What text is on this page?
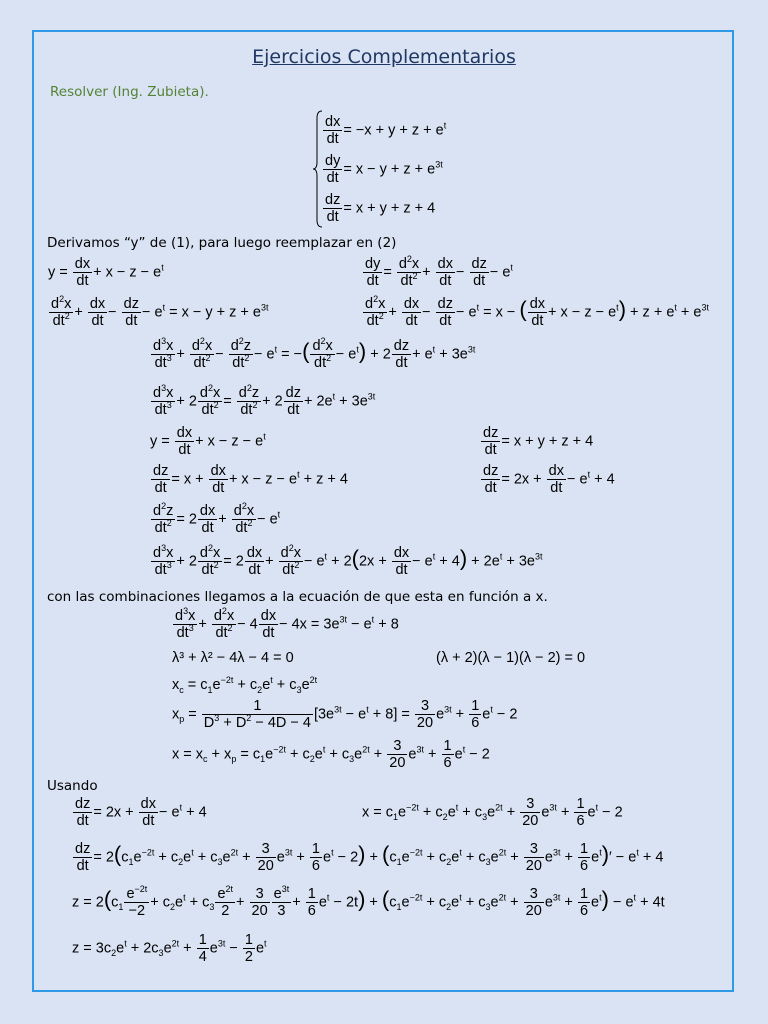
Ejercicios Complementarios
Resolver (Ing. Zubieta).
$\frac{dx}{dt} = -x + y + z + e^t$
$\frac{dy}{dt} = x - y + z + e^{3t}$
$\frac{dz}{dt} = x + y + z + 4$
Derivamos “y” de (1), para luego reemplazar en (2)
$y = \frac{dx}{dt} + x - z - e^t$	$\frac{dy}{dt} = \frac{d^2x}{dt^2} + \frac{dx}{dt} - \frac{dz}{dt} - e^t$
$\frac{d^2x}{dt^2} + \frac{dx}{dt} - \frac{dz}{dt} - e^t = x - y + z + e^{3t}$	$\frac{d^2x}{dt^2} + \frac{dx}{dt} - \frac{dz}{dt} - e^t = x$ − ( $\frac{dx}{dt} + x - z - e^t) + z + e^t + e^{3t}$
$\frac{d^3x}{dt^3} + \frac{d^2x}{dt^2} - \frac{d^2z}{dt^2} - e^t$ = −( $\frac{d^2x}{dt^2} - e^t) + 2 \frac{dz}{dt} + e^t + 3e^{3t}$
$\frac{d^3x}{dt^3} + 2 \frac{d^2x}{dt^2} = \frac{d^2z}{dt^2} + 2 \frac{dz}{dt} + 2e^t + 3e^{3t}$
$y = \frac{dx}{dt} + x - z - e^t$	$\frac{dz}{dt} = x + y + z + 4$
$\frac{dz}{dt} = x + \frac{dx}{dt} + x - z - e^t + z + 4$	$\frac{dz}{dt} = 2x + \frac{dx}{dt} - e^t + 4$
$\frac{d^2z}{dt^2} = 2 \frac{dx}{dt} + \frac{d^2x}{dt^2} - e^t$
$\frac{d^3x}{dt^3} + 2 \frac{d^2x}{dt^2} = 2 \frac{dx}{dt} + \frac{d^2x}{dt^2} - e^t + 2(2x + \frac{dx}{dt} - e^t + 4) + 2e^t + 3e^{3t}$
con las combinaciones llegamos a la ecuación de que esta en función a x.
$\frac{d^3x}{dt^3} + \frac{d^2x}{dt^2} - 4 \frac{dx}{dt} - 4x = 3e^{3t} - e^t + 8$
λ³ + λ² − 4λ − 4 = 0	(λ + 2)(λ − 1)(λ − 2) = 0
$x_c = c_1e^{-2t} + c_2e^t + c_3e^{2t}$
$x_p = \frac{1}{D^3 + D^2 - 4D - 4} [3e^{3t} - e^t + 8] = \frac{3}{20} e^{3t} + \frac{1}{6} e^t - 2$
$x = x_c + x_p = c_1e^{-2t} + c_2e^t + c_3e^{2t} + \frac{3}{20} e^{3t} + \frac{1}{6} e^t - 2$
Usando
$\frac{dz}{dt} = 2x + \frac{dx}{dt} - e^t + 4$	$x = c_1e^{-2t} + c_2e^t + c_3e^{2t} + \frac{3}{20} e^{3t} + \frac{1}{6} e^t - 2$
$\frac{dz}{dt} = 2(c_1e^{-2t} + c_2e^t + c_3e^{2t} + \frac{3}{20} e^{3t} + \frac{1}{6} e^t - 2) + (c_1e^{-2t} + c_2e^t + c_3e^{2t} + \frac{3}{20} e^{3t} + \frac{1}{6} e^t)' - e^t + 4$
$z = 2(c_1 \frac{e^{-2t}}{-2} + c_2e^t + c_3 \frac{e^{2t}}{2} + \frac{3}{20} \frac{e^{3t}}{3} + \frac{1}{6} e^t - 2t) + (c_1e^{-2t} + c_2e^t + c_3e^{2t} + \frac{3}{20} e^{3t} + \frac{1}{6} e^t) - e^t + 4t$
$z = 3c_2e^t + 2c_3e^{2t} + \frac{1}{4} e^{3t} - \frac{1}{2} e^t$
